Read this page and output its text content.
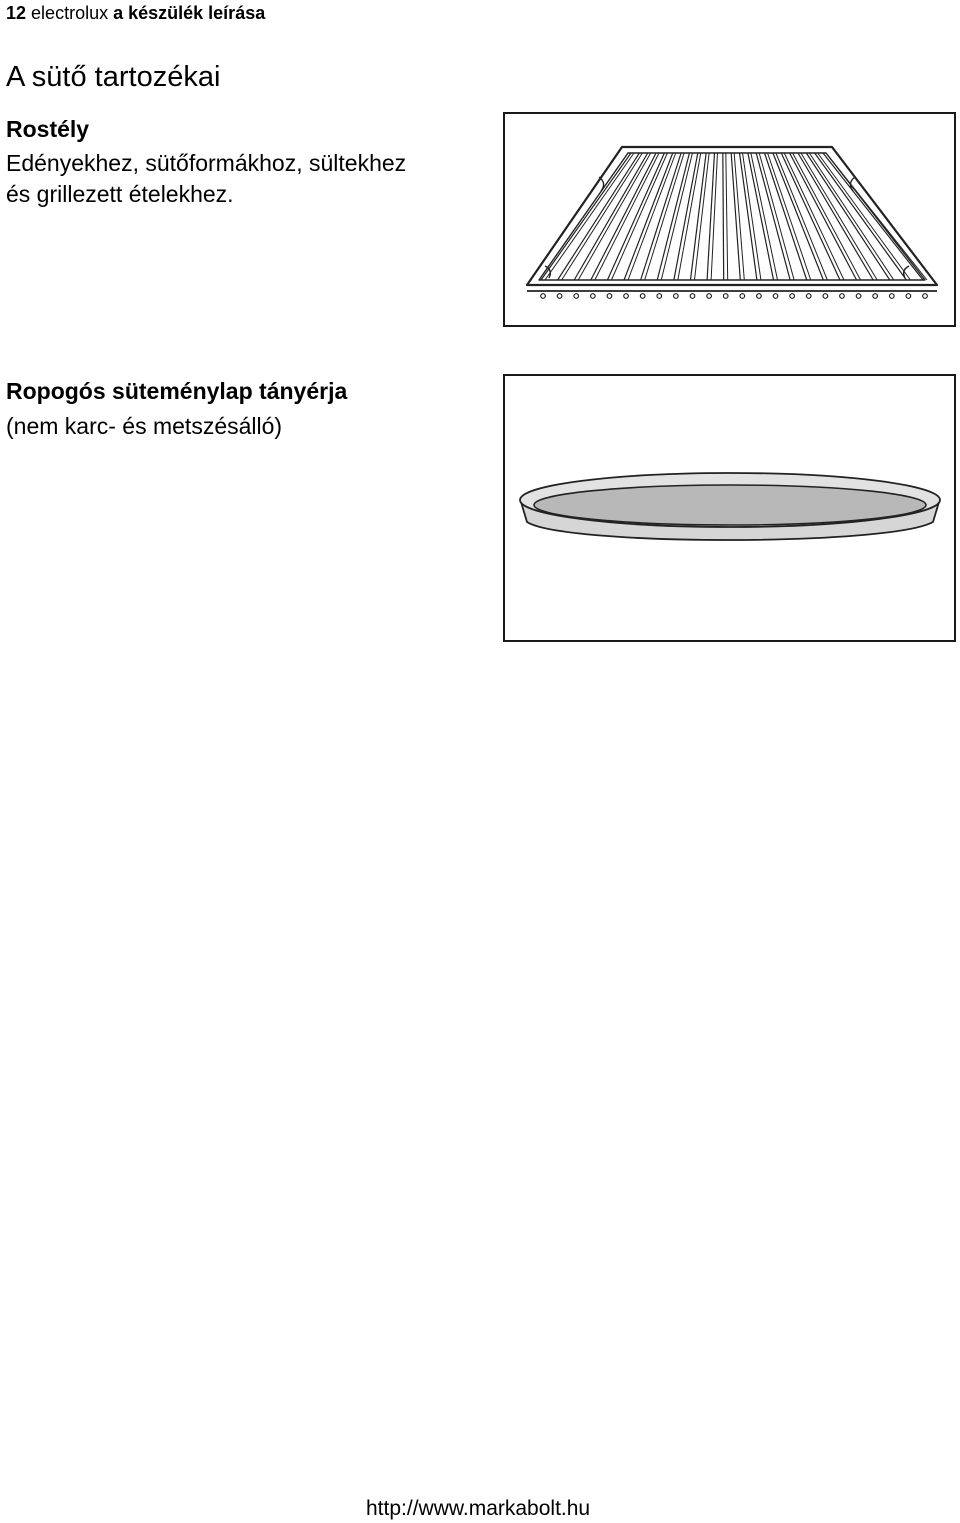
12 electrolux a készülék leírása
A sütő tartozékai
Rostély

Edényekhez, sütőformákhoz, sültekhez

és grillezett ételekhez.

Ropogós süteménylap tányérja

(nem karc- és metszésálló)

http://www.markabolt.hu
